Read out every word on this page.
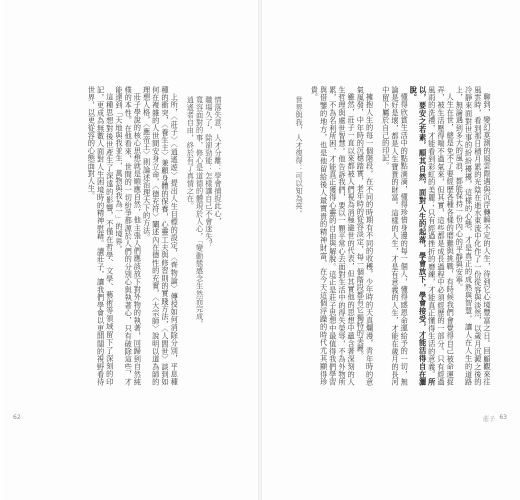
情落失意，人才分離：學會捕捉此心，
職場久了，除卻勁能：怎樣讓自己不會迷失？
寬容面對的事，修心是道德的體現於人心，「變動態感念生然而完成，
逍遙者自由，終於有了真情之在。

上所，〈莊子〉〈逍遙遊〉提出人生目標的設定，〈齊物論〉傳授如何消除分別，平息種種的衝突，〈養生主〉兼顧身體的保養，心靈工夫與修習則的實踐方法，〈人間世〉談到如何在複雜的人世間安身立命，〈德充符〉闡述內在德性的充實，〈大宗師〉說明以道為師的理想人格，〈應帝王〉則論述治理天下的方法。

莊子學說的核心思想就是順應自然，他主張人們應該放下對外物的執著，回歸到自然純樸的本性。在他看來，世間的一切紛爭都源於人們的分別心與執著心，只有破除這些，才能達到「天地與我並生，萬物與我為一」的境界。

這種思想對後世產生了深遠的影響，不僅在哲學、文學、藝術等領域留下了深刻的印記，更成為無數人面對人生困境時的精神慰藉。讀莊子，讓我們學會以更開闊的視野看待世界，以更從容的心態面對人生。

62

聊到，變幻莫測的風雲際遇與沉浮轉瞬不定的人生，待到它心境豐富之日。回顧觀來往風雲時，看到那日積月累的光陰在逝水東流中化作了一份從容與淡然，以歲月沉澱之後的冷靜來面對世事的紛紛擾擾，這樣的心態，才是真正的成熟與智慧，讓人在人生的道路上，無論遇到多大的風浪，都能保持一份內心的平靜與安寧。

人生在世，總是免不了要經歷各種各樣的磨難與挑戰，有時候我們會覺得自己被命運捉弄，被生活壓得喘不過氣來，但其實，這些都是成長過程中必須經歷的一部分。只有經過風雨的洗禮，才能看到彩虹的美麗；只有經過挫折的磨練，才能真正懂得生活的意義。所以，要安之若素，順其自然，面對人生的起落，學會放下，學會接受，才能活得自在灑脫。

懂得欣賞生活中的點點滴滴，懂得珍惜身邊的每一個人，懂得感恩命運給予的一切，無論是好是壞，都是人生寶貴的財富。這樣的人生，才是有意義的人生，才能在歲月的長河中留下屬於自己的印記。

擁抱人生的每一個階段，在不同的時期有不同的收穫，少年時的天真爛漫，青年時的意氣風發，中年時的沉穩踏實，老年時的從容淡定，每一個階段都有它獨特的美麗。

雖然，莊子一直以來都被人們視為消極避世的代表，但其實他的思想中蘊含著深刻的人生哲理與處世智慧。他告訴我們，要以一顆平常心去面對生活中的得失榮辱，不為外物所累，不為名利所困，才能真正獲得心靈的自由與解脫。這正是莊子思想中最值得我們學習與借鑒的地方，也是他留給後人最寶貴的精神財富，在今天這個浮躁的時代尤其顯得珍貴。

世界與我，人才復得：可以知為亮。
莊子 63
